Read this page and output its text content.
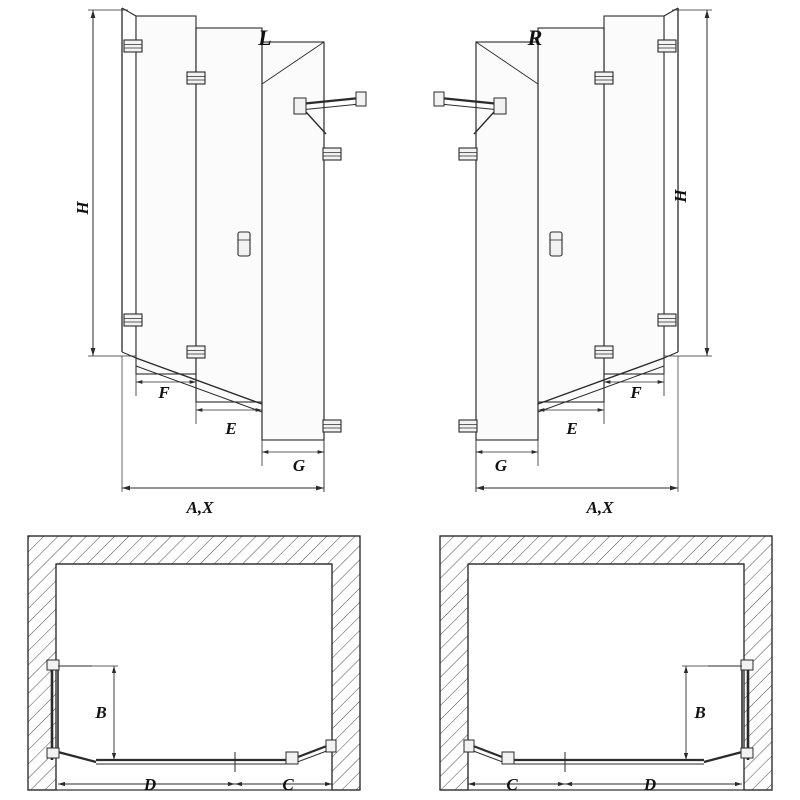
L
H
F
E
G
A,X
R
H
F
E
G
A,X
B
D	C
B
C	D
